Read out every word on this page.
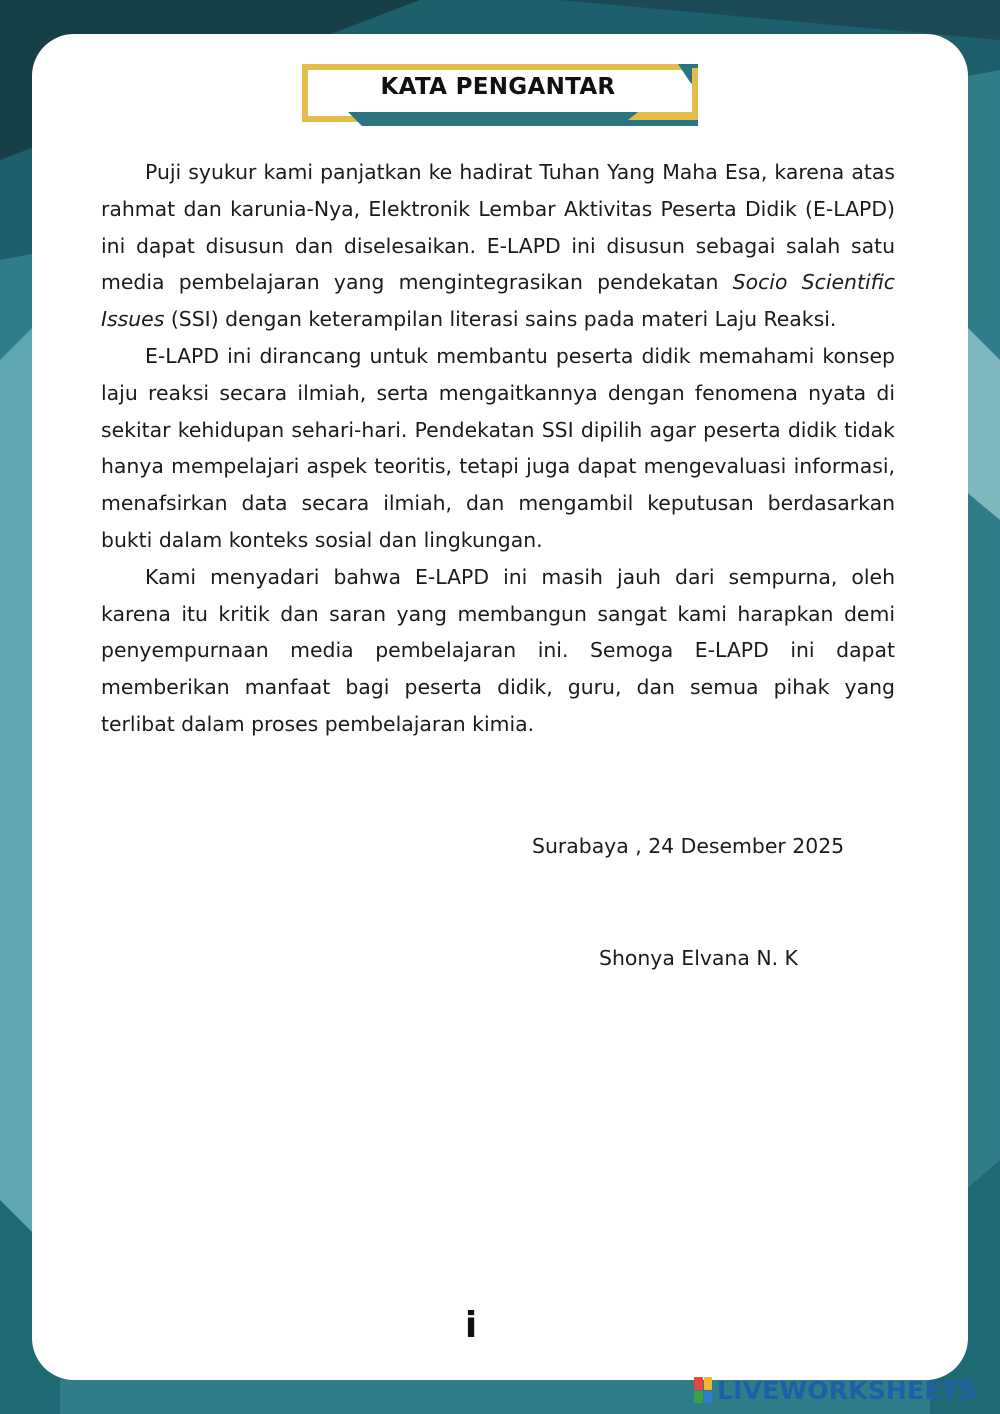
KATA PENGANTAR

Puji syukur kami panjatkan ke hadirat Tuhan Yang Maha Esa, karena atas rahmat dan karunia-Nya, Elektronik Lembar Aktivitas Peserta Didik (E-LAPD) ini dapat disusun dan diselesaikan. E-LAPD ini disusun sebagai salah satu media pembelajaran yang mengintegrasikan pendekatan Socio Scientific Issues (SSI) dengan keterampilan literasi sains pada materi Laju Reaksi.

E-LAPD ini dirancang untuk membantu peserta didik memahami konsep laju reaksi secara ilmiah, serta mengaitkannya dengan fenomena nyata di sekitar kehidupan sehari-hari. Pendekatan SSI dipilih agar peserta didik tidak hanya mempelajari aspek teoritis, tetapi juga dapat mengevaluasi informasi, menafsirkan data secara ilmiah, dan mengambil keputusan berdasarkan bukti dalam konteks sosial dan lingkungan.

Kami menyadari bahwa E-LAPD ini masih jauh dari sempurna, oleh karena itu kritik dan saran yang membangun sangat kami harapkan demi penyempurnaan media pembelajaran ini. Semoga E-LAPD ini dapat memberikan manfaat bagi peserta didik, guru, dan semua pihak yang terlibat dalam proses pembelajaran kimia.

Surabaya , 24 Desember 2025
Shonya Elvana N. K
i
LIVEWORKSHEETS
